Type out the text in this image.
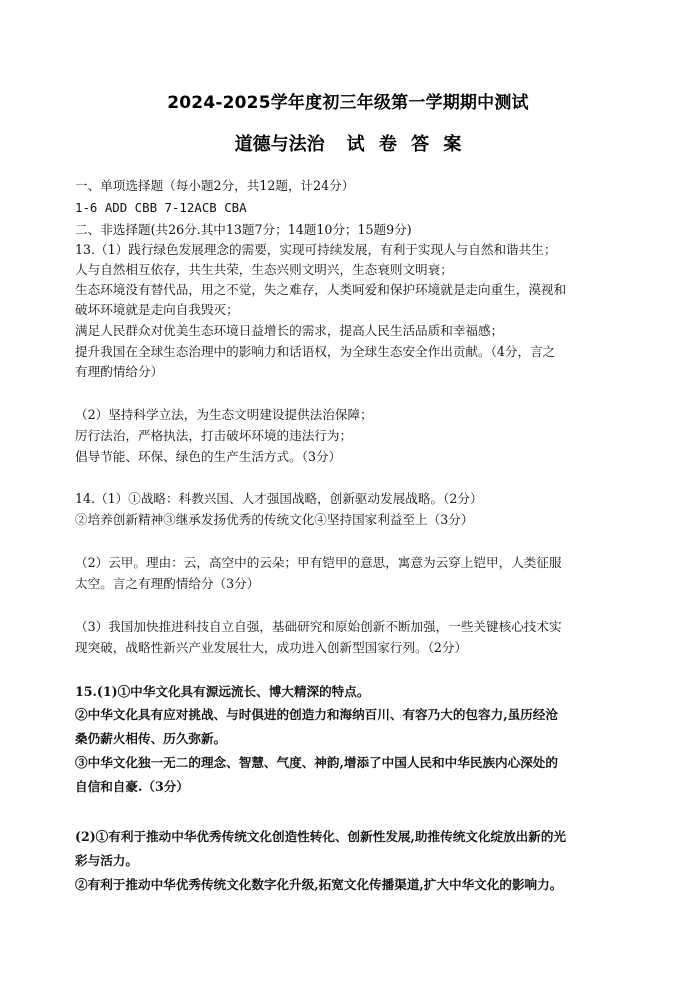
2024-2025学年度初三年级第一学期期中测试
道德与法治 试 卷 答 案
一、单项选择题（每小题2分，共12题，计24分）
1-6 ADD CBB 7-12ACB CBA
二、非选择题(共26分.其中13题7分；14题10分；15题9分)
13.（1）践行绿色发展理念的需要，实现可持续发展，有利于实现人与自然和谐共生；
人与自然相互依存，共生共荣，生态兴则文明兴，生态衰则文明衰；
生态环境没有替代品，用之不觉，失之难存，人类呵爱和保护环境就是走向重生，漠视和
破坏环境就是走向自我毁灭；
满足人民群众对优美生态环境日益增长的需求，提高人民生活品质和幸福感；
提升我国在全球生态治理中的影响力和话语权，为全球生态安全作出贡献。（4分，言之
有理酌情给分）
（2）坚持科学立法，为生态文明建设提供法治保障；
厉行法治，严格执法，打击破坏环境的违法行为；
倡导节能、环保、绿色的生产生活方式。（3分）
14.（1）①战略：科教兴国、人才强国战略，创新驱动发展战略。（2分）
②培养创新精神③继承发扬优秀的传统文化④坚持国家利益至上（3分）
（2）云甲。理由：云，高空中的云朵；甲有铠甲的意思，寓意为云穿上铠甲，人类征服
太空。言之有理酌情给分（3分）
（3）我国加快推进科技自立自强，基础研究和原始创新不断加强，一些关键核心技术实
现突破，战略性新兴产业发展壮大，成功进入创新型国家行列。（2分）
15.(1)①中华文化具有源远流长、博大精深的特点。
②中华文化具有应对挑战、与时俱进的创造力和海纳百川、有容乃大的包容力,虽历经沧
桑仍薪火相传、历久弥新。
③中华文化独一无二的理念、智慧、气度、神韵,增添了中国人民和中华民族内心深处的
自信和自豪.（3分）
(2)①有利于推动中华优秀传统文化创造性转化、创新性发展,助推传统文化绽放出新的光
彩与活力。
②有利于推动中华优秀传统文化数字化升级,拓宽文化传播渠道,扩大中华文化的影响力。
